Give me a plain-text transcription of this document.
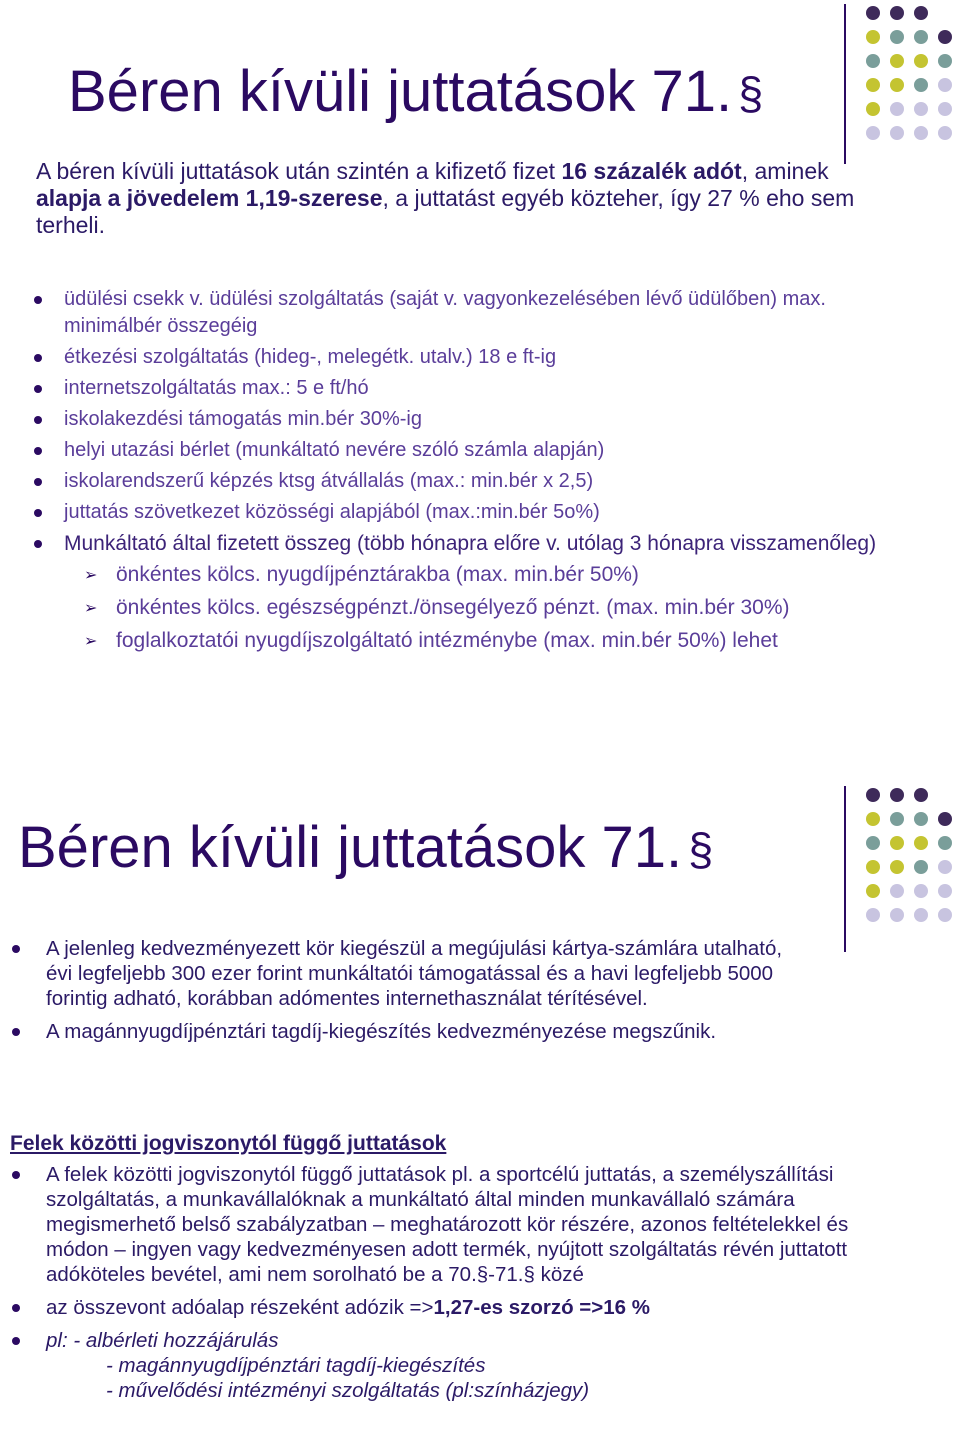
Béren kívüli juttatások 71. §

A béren kívüli juttatások után szintén a kifizető fizet 16 százalék adót, aminek alapja a jövedelem 1,19-szerese, a juttatást egyéb közteher, így 27 % eho sem terheli.

üdülési csekk v. üdülési szolgáltatás (saját v. vagyonkezelésében lévő üdülőben) max. minimálbér összegéig
étkezési szolgáltatás (hideg-, melegétk. utalv.) 18 e ft-ig
internetszolgáltatás max.: 5 e ft/hó
iskolakezdési támogatás min.bér 30%-ig
helyi utazási bérlet (munkáltató nevére szóló számla alapján)
iskolarendszerű képzés ktsg átvállalás (max.: min.bér x 2,5)
juttatás szövetkezet közösségi alapjából (max.:min.bér 5o%)
Munkáltató által fizetett összeg (több hónapra előre v. utólag 3 hónapra visszamenőleg)
➢ önkéntes kölcs. nyugdíjpénztárakba (max. min.bér 50%)
➢ önkéntes kölcs. egészségpénzt./önsegélyező pénzt. (max. min.bér 30%)
➢ foglalkoztatói nyugdíjszolgáltató intézménybe (max. min.bér 50%) lehet
Béren kívüli juttatások 71. §
A jelenleg kedvezményezett kör kiegészül a megújulási kártya-számlára utalható, évi legfeljebb 300 ezer forint munkáltatói támogatással és a havi legfeljebb 5000 forintig adható, korábban adómentes internethasználat térítésével.
A magánnyugdíjpénztári tagdíj-kiegészítés kedvezményezése megszűnik.

Felek közötti jogviszonytól függő juttatások

A felek közötti jogviszonytól függő juttatások pl. a sportcélú juttatás, a személyszállítási szolgáltatás, a munkavállalóknak a munkáltató által minden munkavállaló számára megismerhető belső szabályzatban – meghatározott kör részére, azonos feltételekkel és módon – ingyen vagy kedvezményesen adott termék, nyújtott szolgáltatás révén juttatott adóköteles bevétel, ami nem sorolható be a 70.§-71.§ közé
az összevont adóalap részeként adózik =>1,27-es szorzó =>16 %
pl: - albérleti hozzájárulás
- magánnyugdíjpénztári tagdíj-kiegészítés
- művelődési intézményi szolgáltatás (pl:színházjegy)
